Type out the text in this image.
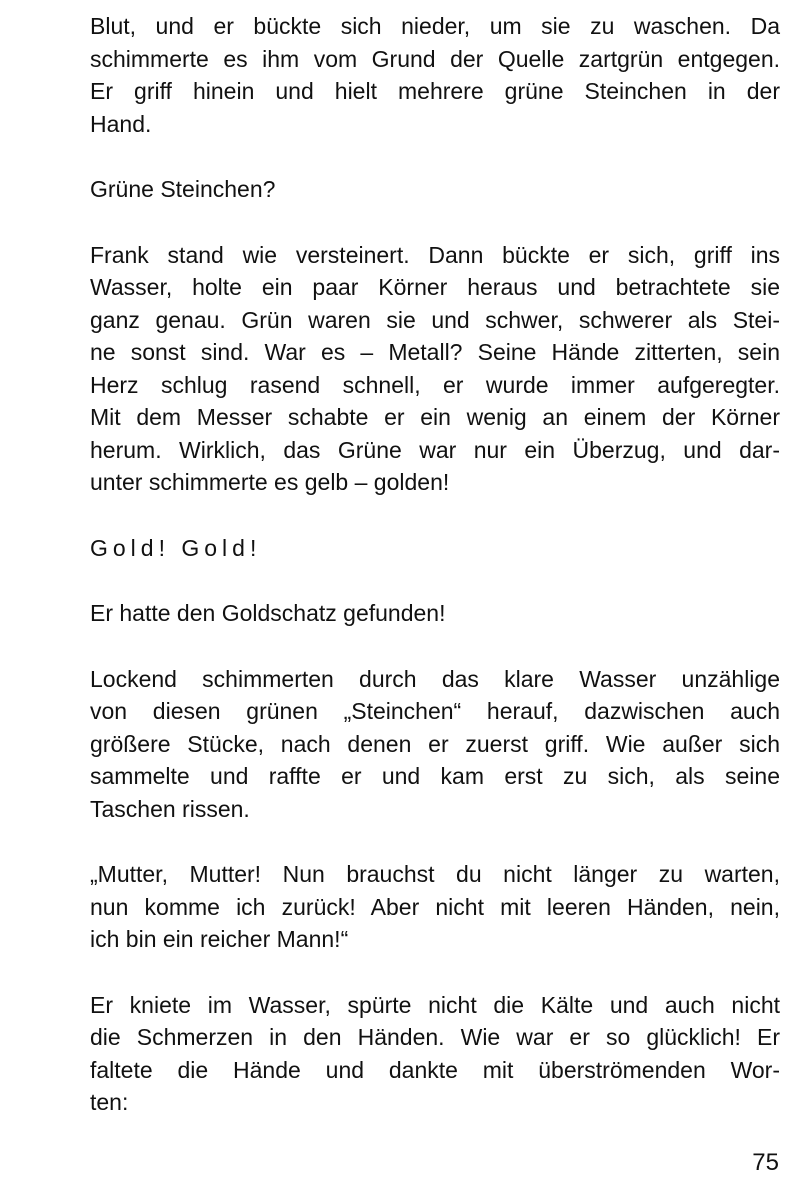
Blut, und er bückte sich nieder, um sie zu waschen. Da
schimmerte es ihm vom Grund der Quelle zartgrün entgegen.
Er griff hinein und hielt mehrere grüne Steinchen in der
Hand.

Grüne Steinchen?

Frank stand wie versteinert. Dann bückte er sich, griff ins
Wasser, holte ein paar Körner heraus und betrachtete sie
ganz genau. Grün waren sie und schwer, schwerer als Stei-
ne sonst sind. War es – Metall? Seine Hände zitterten, sein
Herz schlug rasend schnell, er wurde immer aufgeregter.
Mit dem Messer schabte er ein wenig an einem der Körner
herum. Wirklich, das Grüne war nur ein Überzug, und dar-
unter schimmerte es gelb – golden!

Gold! Gold!

Er hatte den Goldschatz gefunden!

Lockend schimmerten durch das klare Wasser unzählige
von diesen grünen „Steinchen“ herauf, dazwischen auch
größere Stücke, nach denen er zuerst griff. Wie außer sich
sammelte und raffte er und kam erst zu sich, als seine
Taschen rissen.

„Mutter, Mutter! Nun brauchst du nicht länger zu warten,
nun komme ich zurück! Aber nicht mit leeren Händen, nein,
ich bin ein reicher Mann!“

Er kniete im Wasser, spürte nicht die Kälte und auch nicht
die Schmerzen in den Händen. Wie war er so glücklich! Er
faltete die Hände und dankte mit überströmenden Wor-
ten:

75
